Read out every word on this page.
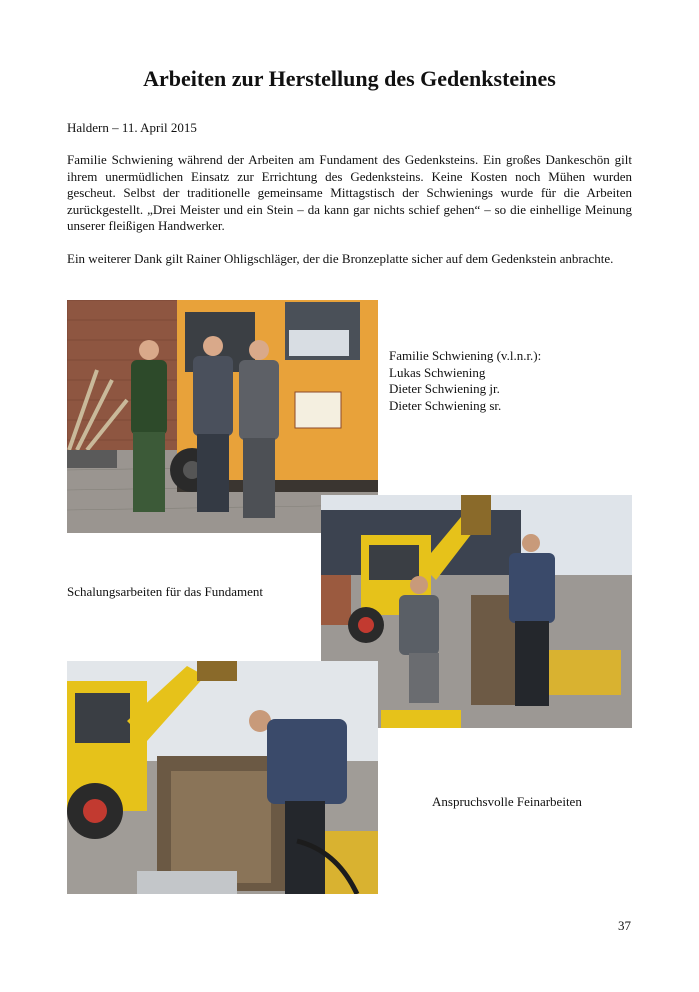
Arbeiten zur Herstellung des Gedenksteines
Haldern – 11. April 2015

Familie Schwiening während der Arbeiten am Fundament des Gedenksteins. Ein großes Dankeschön gilt ihrem unermüdlichen Einsatz zur Errichtung des Gedenksteins. Keine Kosten noch Mühen wurden gescheut. Selbst der traditionelle gemeinsame Mittagstisch der Schwienings wurde für die Arbeiten zurückgestellt. „Drei Meister und ein Stein – da kann gar nichts schief gehen“ – so die einhellige Meinung unserer fleißigen Handwerker.

Ein weiterer Dank gilt Rainer Ohligschläger, der die Bronzeplatte sicher auf dem Gedenkstein anbrachte.

Familie Schwiening (v.l.n.r.):
Lukas Schwiening
Dieter Schwiening jr.
Dieter Schwiening sr.
Schalungsarbeiten für das Fundament
Anspruchsvolle Feinarbeiten
37
